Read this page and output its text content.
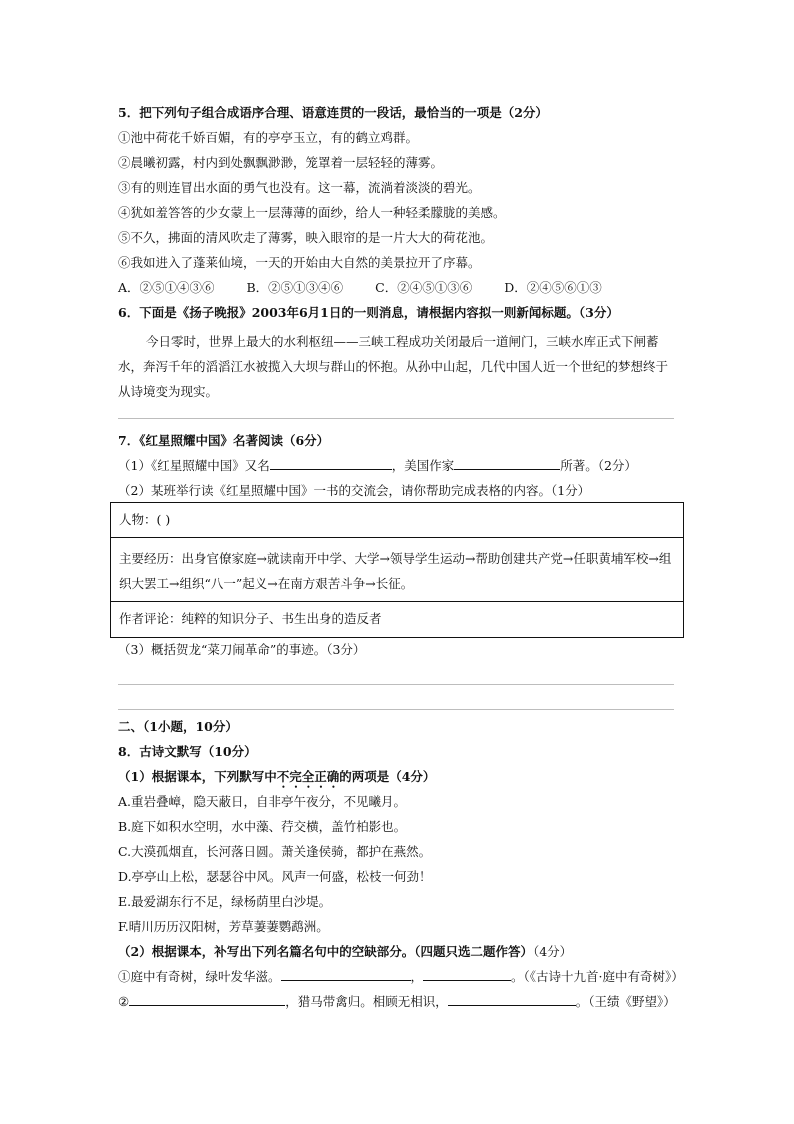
5．把下列句子组合成语序合理、语意连贯的一段话，最恰当的一项是（2分）
①池中荷花千娇百媚，有的亭亭玉立，有的鹤立鸡群。
②晨曦初露，村内到处飘飘渺渺，笼罩着一层轻轻的薄雾。
③有的则连冒出水面的勇气也没有。这一幕，流淌着淡淡的碧光。
④犹如羞答答的少女蒙上一层薄薄的面纱，给人一种轻柔朦胧的美感。
⑤不久，拂面的清风吹走了薄雾，映入眼帘的是一片大大的荷花池。
⑥我如进入了蓬莱仙境，一天的开始由大自然的美景拉开了序幕。
A．②⑤①④③⑥	B．②⑤①③④⑥	C．②④⑤①③⑥	D．②④⑤⑥①③
6．下面是《扬子晚报》2003年6月1日的一则消息，请根据内容拟一则新闻标题。（3分）
今日零时，世界上最大的水利枢纽——三峡工程成功关闭最后一道闸门，三峡水库正式下闸蓄水，奔泻千年的滔滔江水被揽入大坝与群山的怀抱。从孙中山起，几代中国人近一个世纪的梦想终于从诗境变为现实。
7．《红星照耀中国》名著阅读（6分）
（1）《红星照耀中国》又名	，美国作家	所著。（2分）
（2）某班举行读《红星照耀中国》一书的交流会，请你帮助完成表格的内容。（1分）
人物：( )
主要经历：出身官僚家庭→就读南开中学、大学→领导学生运动→帮助创建共产党→任职黄埔军校→组织大罢工→组织“八一”起义→在南方艰苦斗争→长征。
作者评论：纯粹的知识分子、书生出身的造反者
（3）概括贺龙“菜刀闹革命”的事迹。（3分）
二、（1小题，10分）
8．古诗文默写（10分）
（1）根据课本，下列默写中不完全正确的两项是（4分）
A.重岩叠嶂，隐天蔽日，自非亭午夜分，不见曦月。
B.庭下如积水空明，水中藻、荇交横，盖竹柏影也。
C.大漠孤烟直，长河落日圆。萧关逢侯骑，都护在燕然。
D.亭亭山上松，瑟瑟谷中风。风声一何盛，松枝一何劲！
E.最爱湖东行不足，绿杨荫里白沙堤。
F.晴川历历汉阳树，芳草萋萋鹦鹉洲。
（2）根据课本，补写出下列名篇名句中的空缺部分。（四题只选二题作答）（4分）
①庭中有奇树，绿叶发华滋。	，	。（《古诗十九首·庭中有奇树》）
②	，猎马带禽归。相顾无相识，	。（王绩《野望》）
